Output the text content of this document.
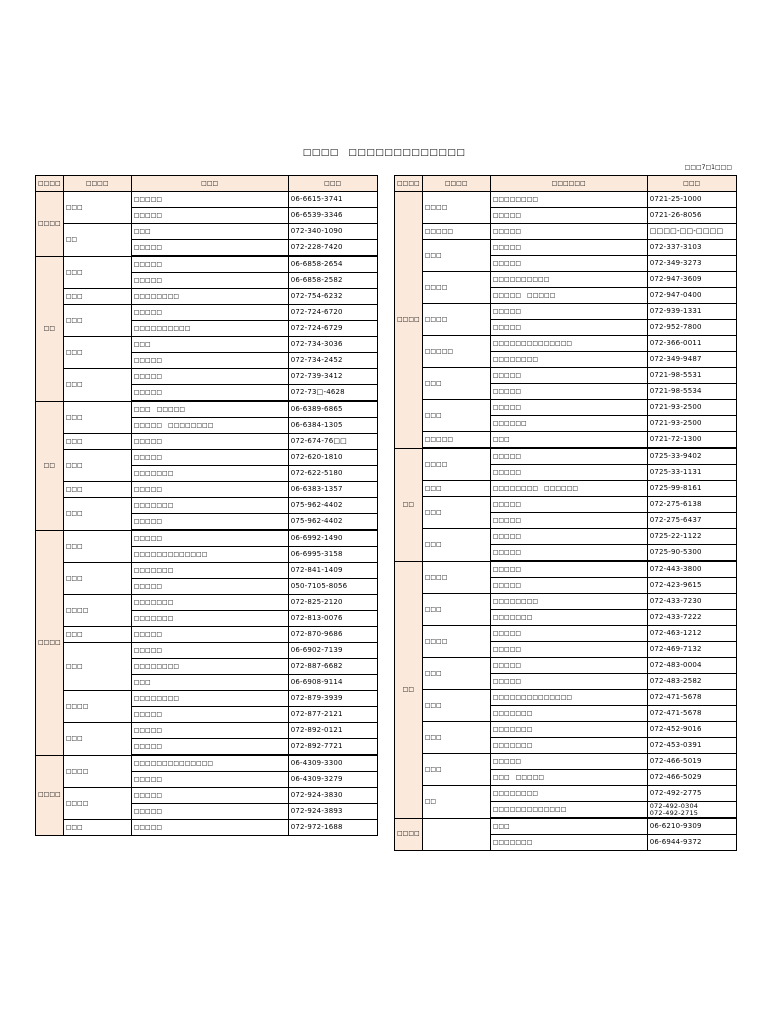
□□□□　□□□□□□□□□□□□□
□□□7□1□□□
□□□□	□□□□	□□□	□□□
□□□□	□□□	□□□□□	06-6615-3741
		□□□□□	06-6539-3346
	□□	□□□	072-340-1090
		□□□□□	072-228-7420
□□	□□□	□□□□□	06-6858-2654
		□□□□□	06-6858-2582
	□□□	□□□□□□□□	072-754-6232
	□□□	□□□□□	072-724-6720
		□□□□□□□□□□	072-724-6729
	□□□	□□□	072-734-3036
		□□□□□	072-734-2452
	□□□	□□□□□	072-739-3412
		□□□□□	072-73□-4628
□□	□□□	□□□　□□□□□	06-6389-6865
		□□□□□　□□□□□□□□	06-6384-1305
	□□□	□□□□□	072-674-76□□
	□□□	□□□□□	072-620-1810
		□□□□□□□	072-622-5180
	□□□	□□□□□	06-6383-1357
	□□□	□□□□□□□	075-962-4402
		□□□□□	075-962-4402
□□□□	□□□	□□□□□	06-6992-1490
		□□□□□□□□□□□□□	06-6995-3158
	□□□	□□□□□□□	072-841-1409
		□□□□□	050-7105-8056
	□□□□	□□□□□□□	072-825-2120
		□□□□□□□	072-813-0076
	□□□	□□□□□	072-870-9686
	□□□	□□□□□	06-6902-7139
		□□□□□□□□	072-887-6682
		□□□	06-6908-9114
	□□□□	□□□□□□□□	072-879-3939
		□□□□□	072-877-2121
	□□□	□□□□□	072-892-0121
		□□□□□	072-892-7721
□□□□	□□□□	□□□□□□□□□□□□□□	06-4309-3300
		□□□□□	06-4309-3279
	□□□□	□□□□□	072-924-3830
		□□□□□	072-924-3893
	□□□	□□□□□	072-972-1688
□□□□	□□□□	□□□□□□	□□□
□□□□	□□□□	□□□□□□□□	0721-25-1000
		□□□□□	0721-26-8056
	□□□□□	□□□□□	□□□□-□□-□□□□
	□□□	□□□□□	072-337-3103
		□□□□□	072-349-3273
	□□□□	□□□□□□□□□□	072-947-3609
		□□□□□　□□□□□	072-947-0400
	□□□□	□□□□□	072-939-1331
		□□□□□	072-952-7800
	□□□□□	□□□□□□□□□□□□□□	072-366-0011
		□□□□□□□□	072-349-9487
	□□□	□□□□□	0721-98-5531
		□□□□□	0721-98-5534
	□□□	□□□□□	0721-93-2500
		□□□□□□	0721-93-2500
	□□□□□	□□□	0721-72-1300
□□	□□□□	□□□□□	0725-33-9402
		□□□□□	0725-33-1131
	□□□	□□□□□□□□　□□□□□□	0725-99-8161
	□□□	□□□□□	072-275-6138
		□□□□□	072-275-6437
	□□□	□□□□□	0725-22-1122
		□□□□□	0725-90-5300
□□	□□□□	□□□□□	072-443-3800
		□□□□□	072-423-9615
	□□□	□□□□□□□□	072-433-7230
		□□□□□□□	072-433-7222
	□□□□	□□□□□	072-463-1212
		□□□□□	072-469-7132
	□□□	□□□□□	072-483-0004
		□□□□□	072-483-2582
	□□□	□□□□□□□□□□□□□□	072-471-5678
		□□□□□□□	072-471-5678
	□□□	□□□□□□□	072-452-9016
		□□□□□□□	072-453-0391
	□□□	□□□□□	072-466-5019
		□□□　□□□□□	072-466-5029
	□□	□□□□□□□□	072-492-2775
		□□□□□□□□□□□□□	072-492-0304
072-492-2715
□□□□		□□□	06-6210-9309
		□□□□□□□	06-6944-9372
